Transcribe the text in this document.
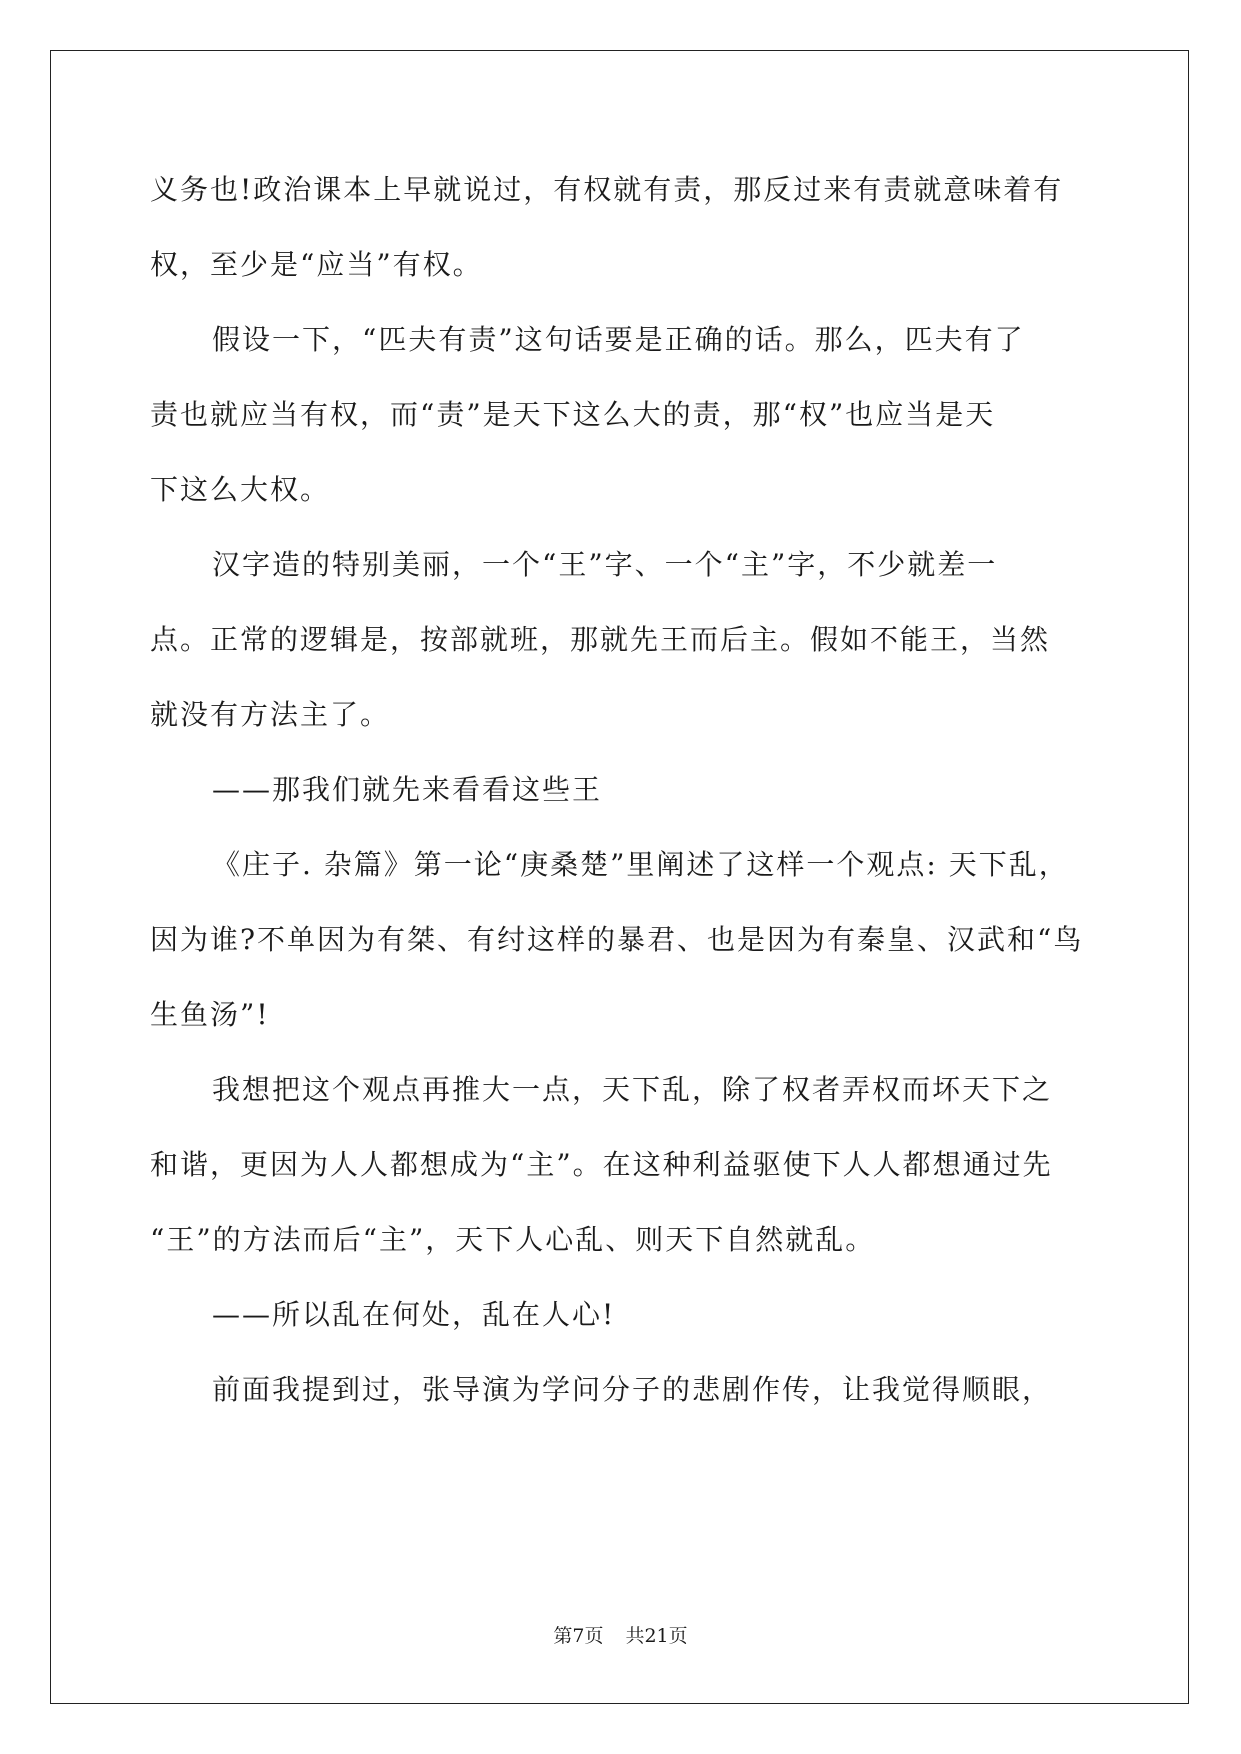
义务也!政治课本上早就说过，有权就有责，那反过来有责就意味着有
权，至少是“应当”有权。
假设一下，“匹夫有责”这句话要是正确的话。那么，匹夫有了
责也就应当有权，而“责”是天下这么大的责，那“权”也应当是天
下这么大权。
汉字造的特别美丽，一个“王”字、一个“主”字，不少就差一
点。正常的逻辑是，按部就班，那就先王而后主。假如不能王，当然
就没有方法主了。
——那我们就先来看看这些王
《庄子. 杂篇》第一论“庚桑楚”里阐述了这样一个观点: 天下乱，
因为谁?不单因为有桀、有纣这样的暴君、也是因为有秦皇、汉武和“鸟
生鱼汤”!
我想把这个观点再推大一点，天下乱，除了权者弄权而坏天下之
和谐，更因为人人都想成为“主”。在这种利益驱使下人人都想通过先
“王”的方法而后“主”，天下人心乱、则天下自然就乱。
——所以乱在何处，乱在人心!
前面我提到过，张导演为学问分子的悲剧作传，让我觉得顺眼，
第7页 共21页
